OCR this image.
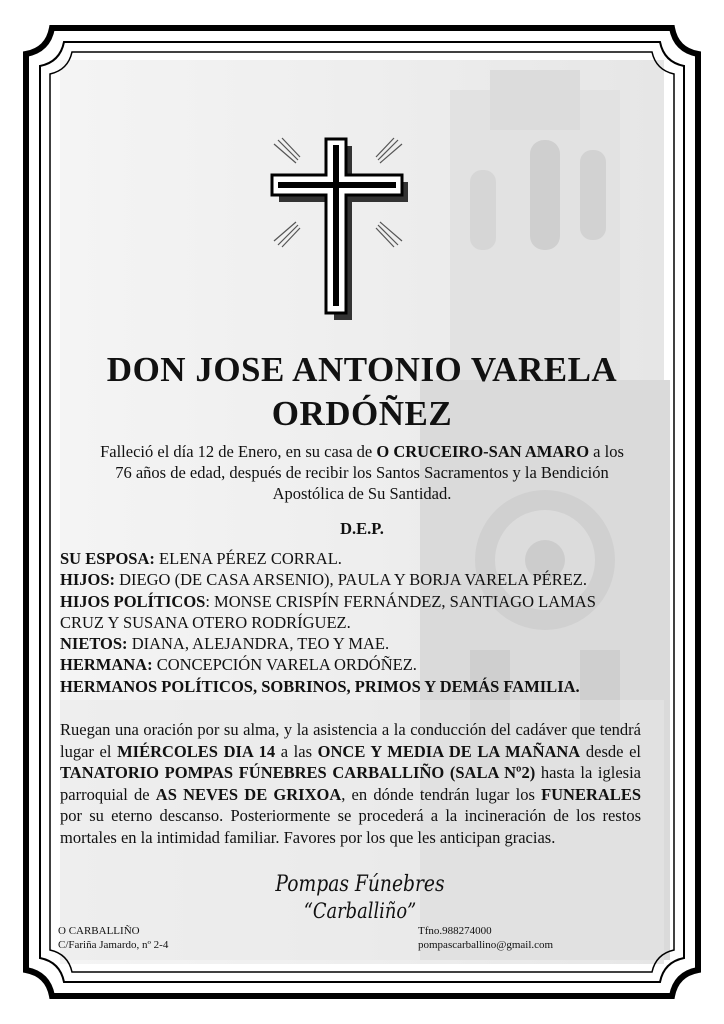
DON JOSE ANTONIO VARELA
ORDÓÑEZ
Falleció el día 12 de Enero, en su casa de O CRUCEIRO-SAN AMARO a los
76 años de edad, después de recibir los Santos Sacramentos y la Bendición
Apostólica de Su Santidad.
D.E.P.

SU ESPOSA: ELENA PÉREZ CORRAL.

HIJOS: DIEGO (DE CASA ARSENIO), PAULA Y BORJA VARELA PÉREZ.

HIJOS POLÍTICOS: MONSE CRISPÍN FERNÁNDEZ, SANTIAGO LAMAS

CRUZ Y SUSANA OTERO RODRÍGUEZ.

NIETOS: DIANA, ALEJANDRA, TEO Y MAE.

HERMANA: CONCEPCIÓN VARELA ORDÓÑEZ.

HERMANOS POLÍTICOS, SOBRINOS, PRIMOS Y DEMÁS FAMILIA.

Ruegan una oración por su alma, y la asistencia a la conducción del cadáver que tendrá lugar el MIÉRCOLES DIA 14 a las ONCE Y MEDIA DE LA MAÑANA desde el TANATORIO POMPAS FÚNEBRES CARBALLIÑO (SALA Nº2) hasta la iglesia parroquial de AS NEVES DE GRIXOA, en dónde tendrán lugar los FUNERALES por su eterno descanso. Posteriormente se procederá a la incineración de los restos mortales en la intimidad familiar. Favores por los que les anticipan gracias.
Pompas Fúnebres
“Carballiño”
O CARBALLIÑO
C/Fariña Jamardo, nº 2-4
Tfno.988274000
pompascarballino@gmail.com
